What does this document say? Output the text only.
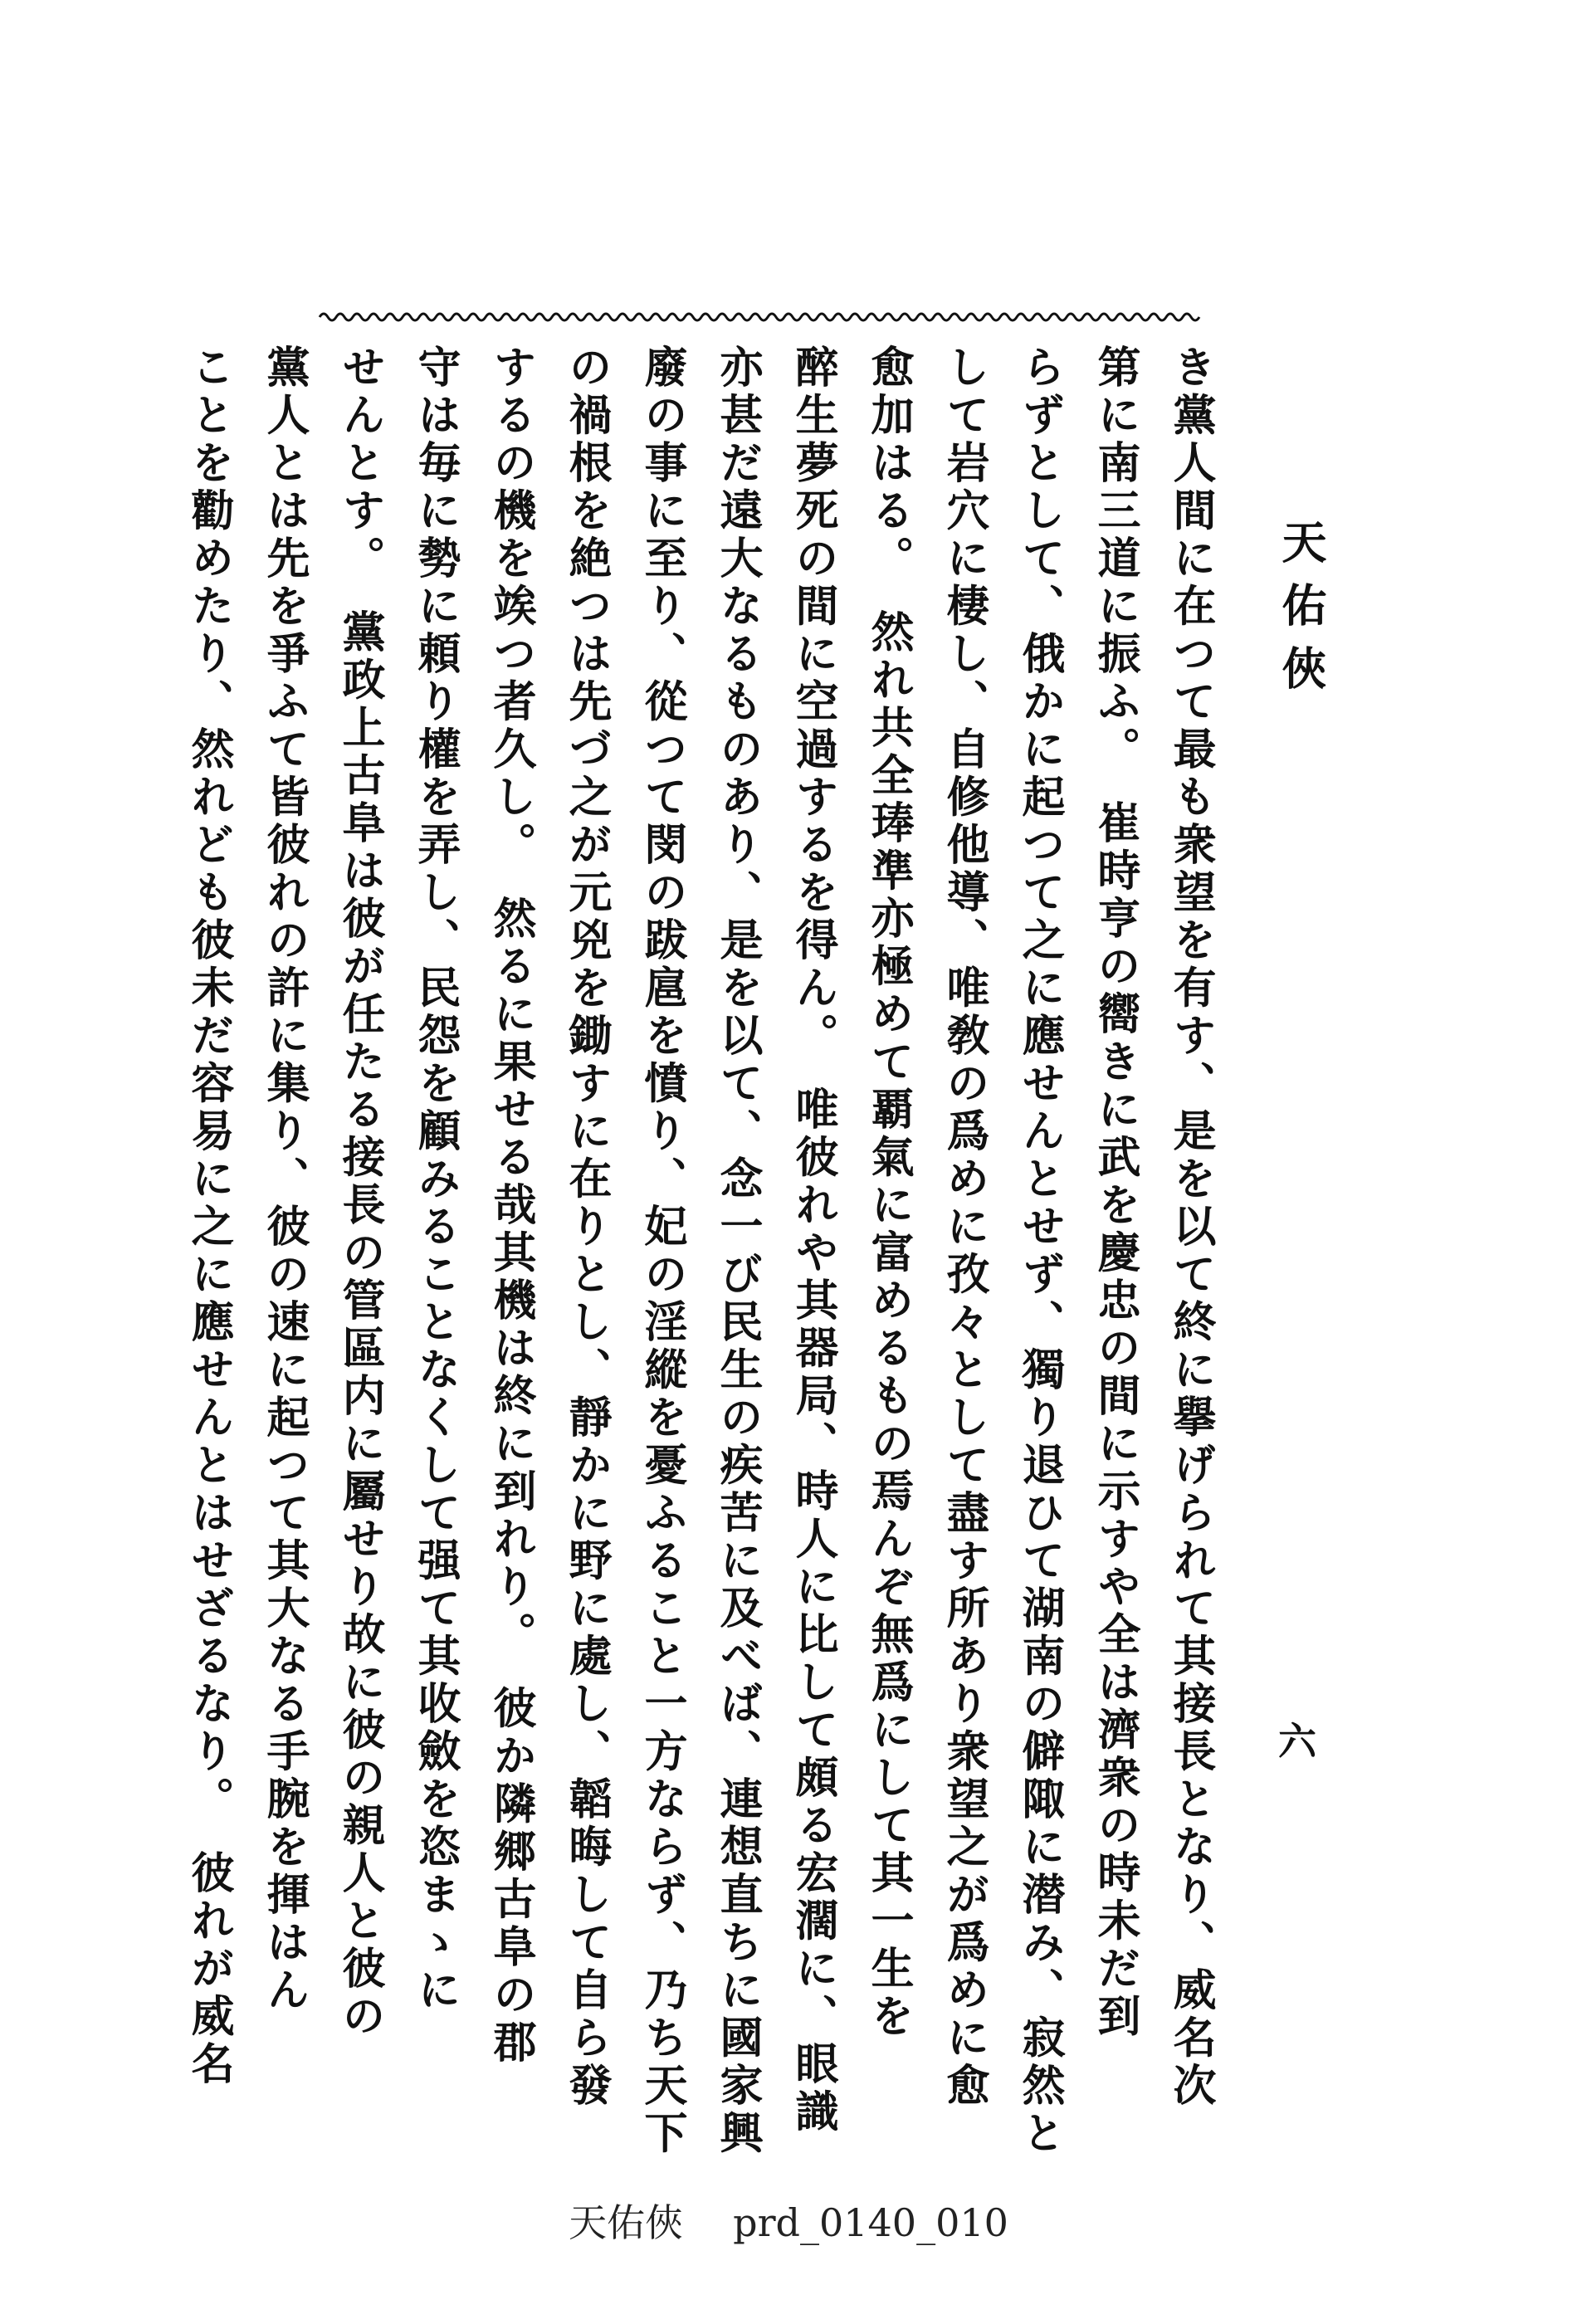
天佑俠
六
き黨人間に在つて最も衆望を有す、是を以て終に擧げられて其接長となり、威名次
第に南三道に振ふ。　崔時亨の嚮きに武を慶忠の間に示すや全は濟衆の時未だ到
らずとして、俄かに起つて之に應せんとせず、獨り退ひて湖南の僻陬に潜み、寂然と
して岩穴に棲し、自修他導、唯敎の爲めに孜々として盡す所あり衆望之が爲めに愈
愈加はる。　然れ共全琫準亦極めて覇氣に富めるもの焉んぞ無爲にして其一生を
醉生夢死の間に空過するを得ん。　唯彼れや其器局、時人に比して頗る宏濶に、眼識
亦甚だ遠大なるものあり、是を以て、念一び民生の疾苦に及べば、連想直ちに國家興
廢の事に至り、從つて閔の跋扈を憤り、妃の淫縱を憂ふること一方ならず、乃ち天下
の禍根を絶つは先づ之が元兇を鋤すに在りとし、靜かに野に處し、韜晦して自ら發
するの機を竢つ者久し。　然るに果せる哉其機は終に到れり。　彼か隣郷古阜の郡
守は毎に勢に頼り權を弄し、民怨を顧みることなくして强て其收斂を恣まゝに
せんとす。　黨政上古阜は彼が任たる接長の管區内に屬せり故に彼の親人と彼の
黨人とは先を爭ふて皆彼れの許に集り、彼の速に起つて其大なる手腕を揮はん
ことを勸めたり、然れども彼未だ容易に之に應せんとはせざるなり。　彼れが威名
天佑俠 prd_0140_010
